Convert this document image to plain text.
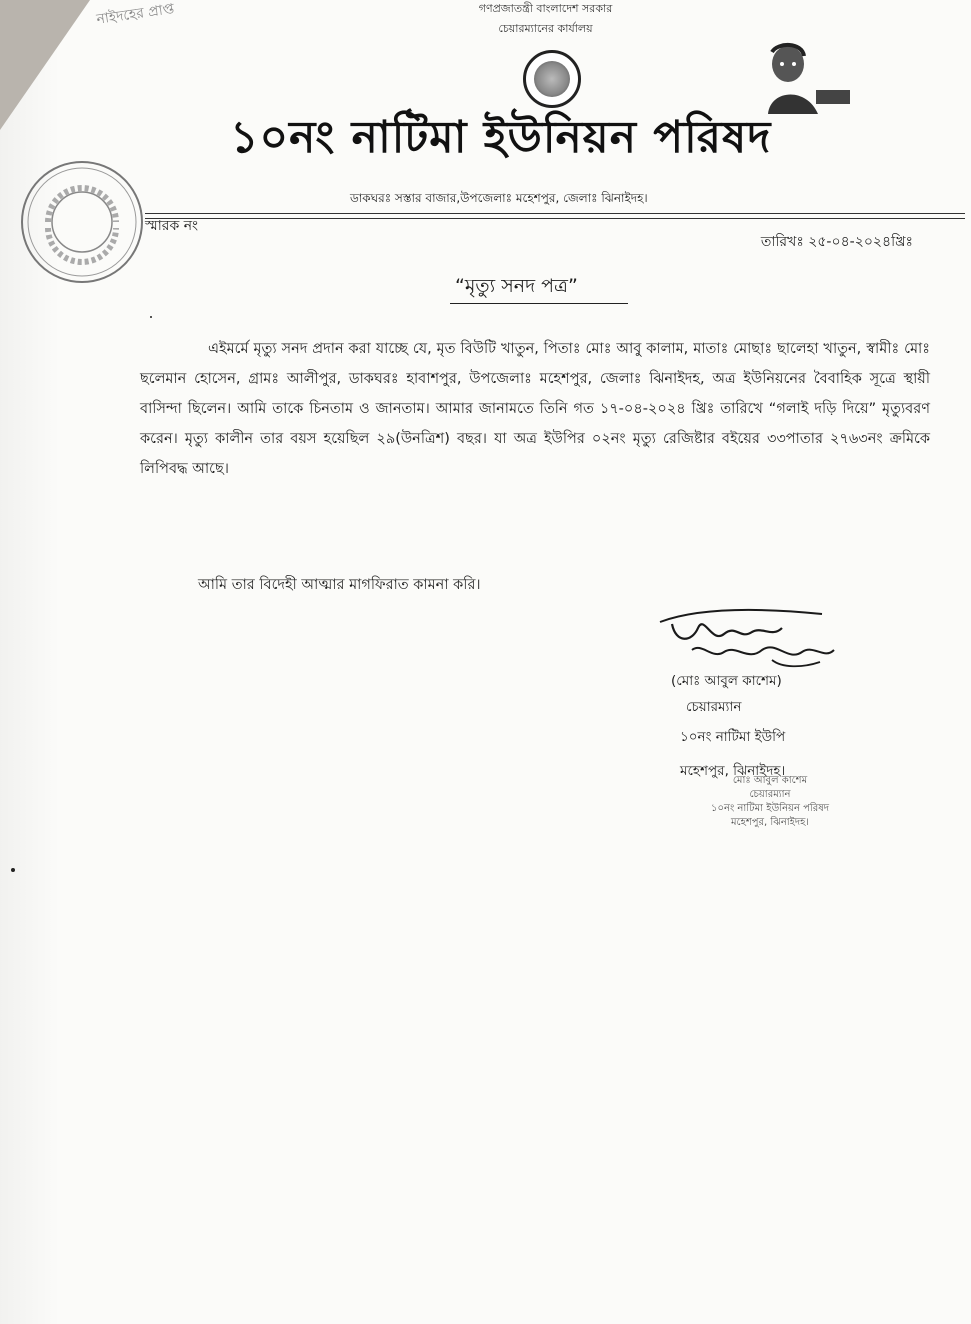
নাইদহের প্রাপ্ত	গণপ্রজাতন্ত্রী বাংলাদেশ সরকার
চেয়ারম্যানের কার্যালয়
১০নং নাটিমা ইউনিয়ন পরিষদ
ডাকঘরঃ সস্তার বাজার,উপজেলাঃ মহেশপুর, জেলাঃ ঝিনাইদহ।
স্মারক নং
তারিখঃ ২৫-০৪-২০২৪খ্রিঃ
“মৃত্যু সনদ পত্র”
এইমর্মে মৃত্যু সনদ প্রদান করা যাচ্ছে যে, মৃত বিউটি খাতুন, পিতাঃ মোঃ আবু কালাম, মাতাঃ মোছাঃ ছালেহা খাতুন, স্বামীঃ মোঃ ছলেমান হোসেন, গ্রামঃ আলীপুর, ডাকঘরঃ হাবাশপুর, উপজেলাঃ মহেশপুর, জেলাঃ ঝিনাইদহ, অত্র ইউনিয়নের বৈবাহিক সূত্রে স্থায়ী বাসিন্দা ছিলেন। আমি তাকে চিনতাম ও জানতাম। আমার জানামতে তিনি গত ১৭-০৪-২০২৪ খ্রিঃ তারিখে “গলাই দড়ি দিয়ে” মৃত্যুবরণ করেন। মৃত্যু কালীন তার বয়স হয়েছিল ২৯(উনত্রিশ) বছর। যা অত্র ইউপির ০২নং মৃত্যু রেজিষ্টার বইয়ের ৩৩পাতার ২৭৬৩নং ক্রমিকে লিপিবদ্ধ আছে।
আমি তার বিদেহী আত্মার মাগফিরাত কামনা করি।
(মোঃ আবুল কাশেম)
চেয়ারম্যান
১০নং নাটিমা ইউপি
মহেশপুর, ঝিনাইদহ।
মোঃ আবুল কাশেম
চেয়ারম্যান
১০নং নাটিমা ইউনিয়ন পরিষদ
মহেশপুর, ঝিনাইদহ।
